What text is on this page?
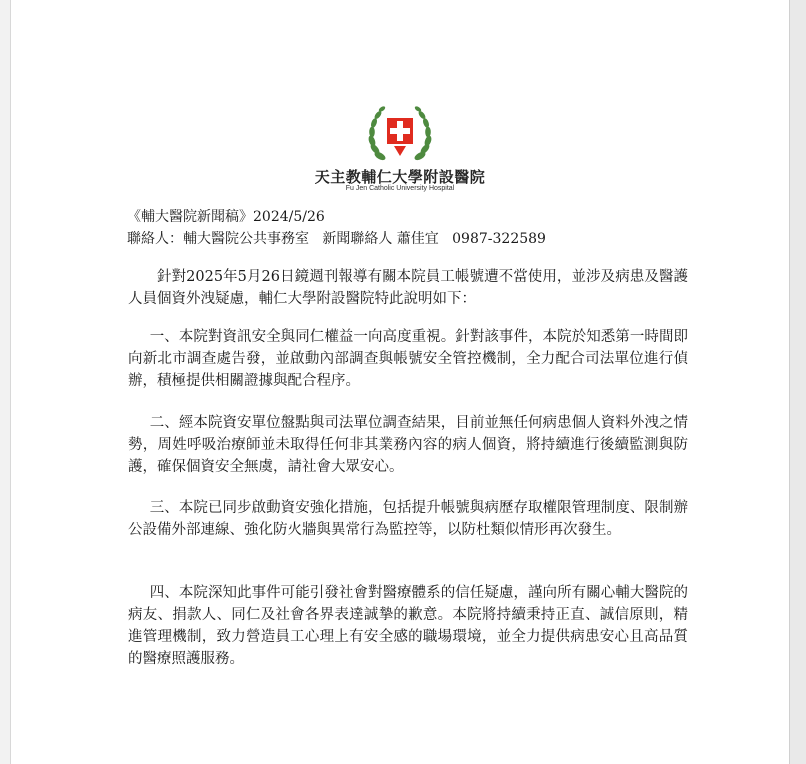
天主教輔仁大學附設醫院
Fu Jen Catholic University Hospital
《輔大醫院新聞稿》2024/5/26
聯絡人：輔大醫院公共事務室   新聞聯絡人 蕭佳宜   0987-322589

針對2025年5月26日鏡週刊報導有關本院員工帳號遭不當使用，並涉及病患及醫護人員個資外洩疑慮，輔仁大學附設醫院特此說明如下：

一、本院對資訊安全與同仁權益一向高度重視。針對該事件，本院於知悉第一時間即向新北市調查處告發，並啟動內部調查與帳號安全管控機制，全力配合司法單位進行偵辦，積極提供相關證據與配合程序。

二、經本院資安單位盤點與司法單位調查結果，目前並無任何病患個人資料外洩之情勢，周姓呼吸治療師並未取得任何非其業務內容的病人個資，將持續進行後續監測與防護，確保個資安全無虞，請社會大眾安心。

三、本院已同步啟動資安強化措施，包括提升帳號與病歷存取權限管理制度、限制辦公設備外部連線、強化防火牆與異常行為監控等，以防杜類似情形再次發生。

四、本院深知此事件可能引發社會對醫療體系的信任疑慮，謹向所有關心輔大醫院的病友、捐款人、同仁及社會各界表達誠摯的歉意。本院將持續秉持正直、誠信原則，精進管理機制，致力營造員工心理上有安全感的職場環境，並全力提供病患安心且高品質的醫療照護服務。
